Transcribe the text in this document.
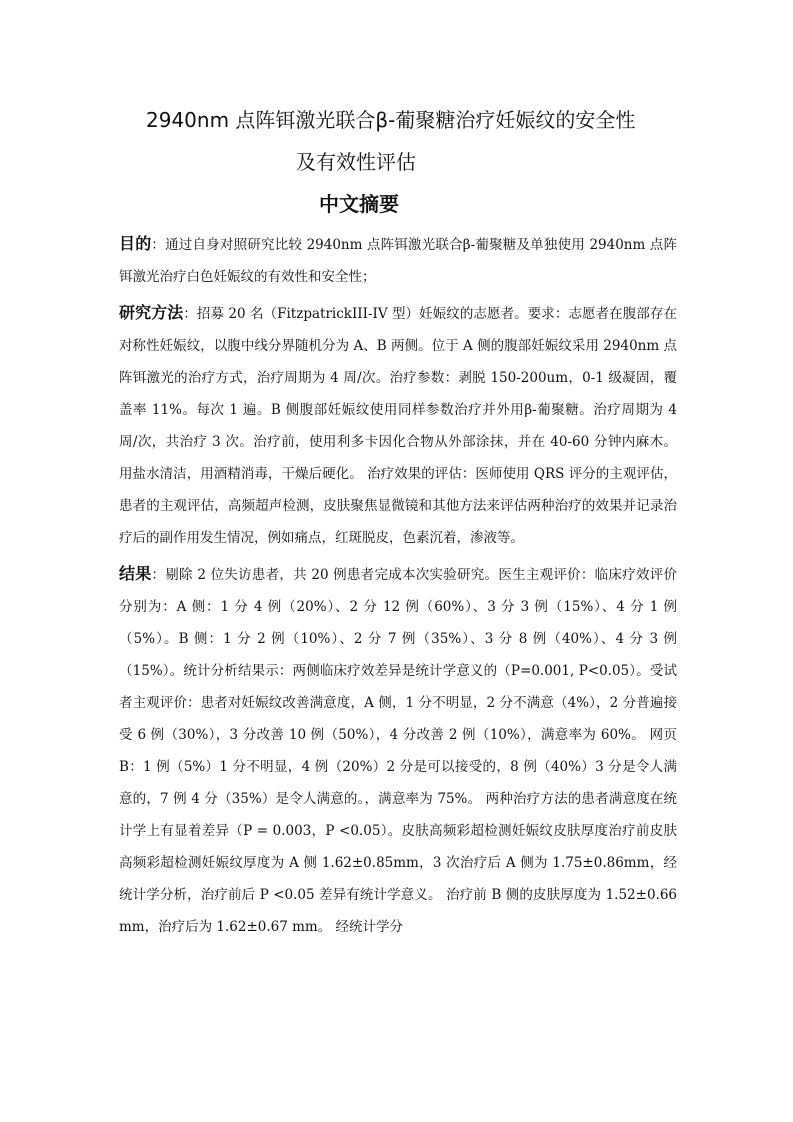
2940nm 点阵铒激光联合β-葡聚糖治疗妊娠纹的安全性
及有效性评估
中文摘要

目的：通过自身对照研究比较 2940nm 点阵铒激光联合β-葡聚糖及单独使用 2940nm 点阵铒激光治疗白色妊娠纹的有效性和安全性；

研究方法：招募 20 名（FitzpatrickIII-IV 型）妊娠纹的志愿者。要求：志愿者在腹部存在对称性妊娠纹，以腹中线分界随机分为 A、B 两侧。位于 A 侧的腹部妊娠纹采用 2940nm 点阵铒激光的治疗方式，治疗周期为 4 周/次。治疗参数：剥脱 150-200um，0-1 级凝固，覆盖率 11%。每次 1 遍。B 侧腹部妊娠纹使用同样参数治疗并外用β-葡聚糖。治疗周期为 4 周/次，共治疗 3 次。治疗前，使用利多卡因化合物从外部涂抹，并在 40-60 分钟内麻木。 用盐水清洁，用酒精消毒，干燥后硬化。 治疗效果的评估：医师使用 QRS 评分的主观评估，患者的主观评估，高频超声检测，皮肤聚焦显微镜和其他方法来评估两种治疗的效果并记录治疗后的副作用发生情况，例如痛点，红斑脱皮，色素沉着，渗液等。

结果：剔除 2 位失访患者，共 20 例患者完成本次实验研究。医生主观评价：临床疗效评价分别为：A 侧：1 分 4 例（20%）、2 分 12 例（60%）、3 分 3 例（15%）、4 分 1 例（5%）。B 侧：1 分 2 例（10%）、2 分 7 例（35%）、3 分 8 例（40%）、4 分 3 例（15%）。统计分析结果示：两侧临床疗效差异是统计学意义的（P=0.001, P<0.05）。受试者主观评价：患者对妊娠纹改善满意度，A 侧，1 分不明显，2 分不满意（4%），2 分普遍接受 6 例（30%），3 分改善 10 例（50%），4 分改善 2 例（10%），满意率为 60%。 网页 B：1 例（5%）1 分不明显，4 例（20%）2 分是可以接受的，8 例（40%）3 分是令人满意的，7 例 4 分（35%）是令人满意的。，满意率为 75%。 两种治疗方法的患者满意度在统计学上有显着差异（P = 0.003，P <0.05）。皮肤高频彩超检测妊娠纹皮肤厚度治疗前皮肤高频彩超检测妊娠纹厚度为 A 侧 1.62±0.85mm，3 次治疗后 A 侧为 1.75±0.86mm，经统计学分析，治疗前后 P <0.05 差异有统计学意义。 治疗前 B 侧的皮肤厚度为 1.52±0.66 mm，治疗后为 1.62±0.67 mm。 经统计学分
